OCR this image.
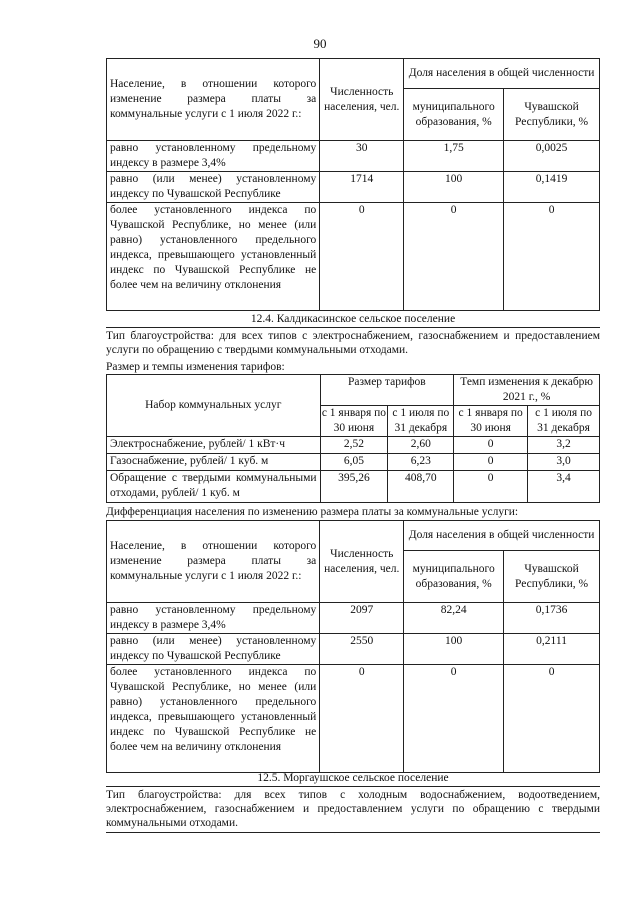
90
Население, в отношении которого изменение размера платы за коммунальные услуги с 1 июля 2022 г.:	Численность населения, чел.	Доля населения в общей численности	
		муниципального образования, %	Чувашской Республики, %
равно установленному предельному индексу в размере 3,4%	30	1,75	0,0025
равно (или менее) установленному индексу по Чувашской Республике	1714	100	0,1419
более установленного индекса по Чувашской Республике, но менее (или равно) установленного предельного индекса, превышающего установленный индекс по Чувашской Республике не более чем на величину отклонения	0	0	0
12.4. Калдикасинское сельское поселение
Тип благоустройства: для всех типов с электроснабжением, газоснабжением и предоставлением услуги по обращению с твердыми коммунальными отходами.
Размер и темпы изменения тарифов:
Набор коммунальных услуг	Размер тарифов		Темп изменения к декабрю 2021 г., %	
	с 1 января по 30 июня	с 1 июля по 31 декабря	с 1 января по 30 июня	с 1 июля по 31 декабря
Электроснабжение, рублей/ 1 кВт·ч	2,52	2,60	0	3,2
Газоснабжение, рублей/ 1 куб. м	6,05	6,23	0	3,0
Обращение с твердыми коммунальными отходами, рублей/ 1 куб. м	395,26	408,70	0	3,4
Дифференциация населения по изменению размера платы за коммунальные услуги:
Население, в отношении которого изменение размера платы за коммунальные услуги с 1 июля 2022 г.:	Численность населения, чел.	Доля населения в общей численности	
		муниципального образования, %	Чувашской Республики, %
равно установленному предельному индексу в размере 3,4%	2097	82,24	0,1736
равно (или менее) установленному индексу по Чувашской Республике	2550	100	0,2111
более установленного индекса по Чувашской Республике, но менее (или равно) установленного предельного индекса, превышающего установленный индекс по Чувашской Республике не более чем на величину отклонения	0	0	0
12.5. Моргаушское сельское поселение
Тип благоустройства: для всех типов с холодным водоснабжением, водоотведением, электроснабжением, газоснабжением и предоставлением услуги по обращению с твердыми коммунальными отходами.
